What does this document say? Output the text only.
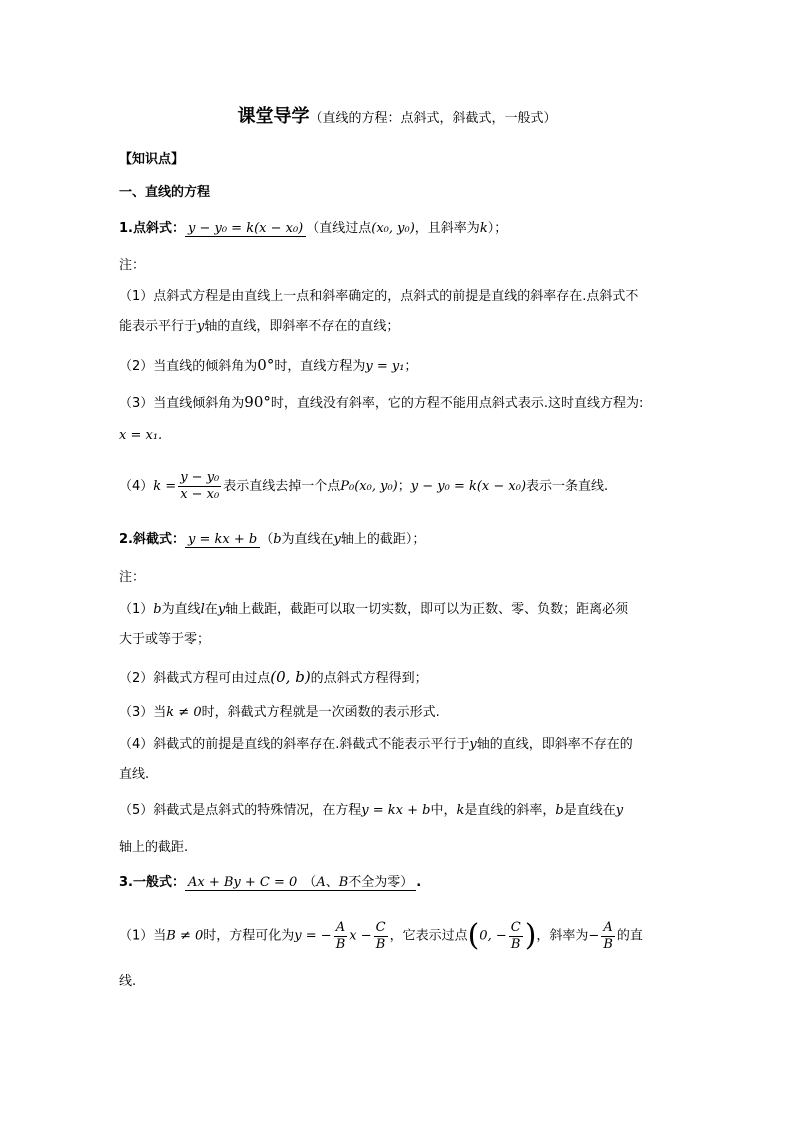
课堂导学（直线的方程：点斜式，斜截式，一般式）
【知识点】
一、直线的方程
1.点斜式： y − y₀ = k(x − x₀) （直线过点(x₀, y₀)，且斜率为k）；
注：
（1）点斜式方程是由直线上一点和斜率确定的，点斜式的前提是直线的斜率存在.点斜式不
能表示平行于y轴的直线，即斜率不存在的直线；
（2）当直线的倾斜角为0°时，直线方程为y = y₁；
（3）当直线倾斜角为90°时，直线没有斜率，它的方程不能用点斜式表示.这时直线方程为:
x = x₁.
$(4)k = \frac{\text{y − y₀}}{\text{x − x₀}}$ 表示直线去掉一个点P₀(x₀, y₀)；y − y₀ = k(x − x₀)表示一条直线.
2.斜截式： y = kx + b （b为直线在y轴上的截距）；
注：
（1）b为直线l在y轴上截距，截距可以取一切实数，即可以为正数、零、负数；距离必须
大于或等于零；
（2）斜截式方程可由过点(0, b)的点斜式方程得到；
（3）当k ≠ 0时，斜截式方程就是一次函数的表示形式.
（4）斜截式的前提是直线的斜率存在.斜截式不能表示平行于y轴的直线，即斜率不存在的
直线.
（5）斜截式是点斜式的特殊情况，在方程y = kx + b中，k是直线的斜率，b是直线在y
轴上的截距.
3.一般式： Ax + By + C = 0 （A、B不全为零） .
（1）当B ≠ 0时，方程可化为y = − $\frac{A}{B}$ $x - \frac{C}{B}$ ，它表示过点(0, − $\frac{C}{B}$ )，斜率为− $\frac{A}{B}$ 的直
线.
